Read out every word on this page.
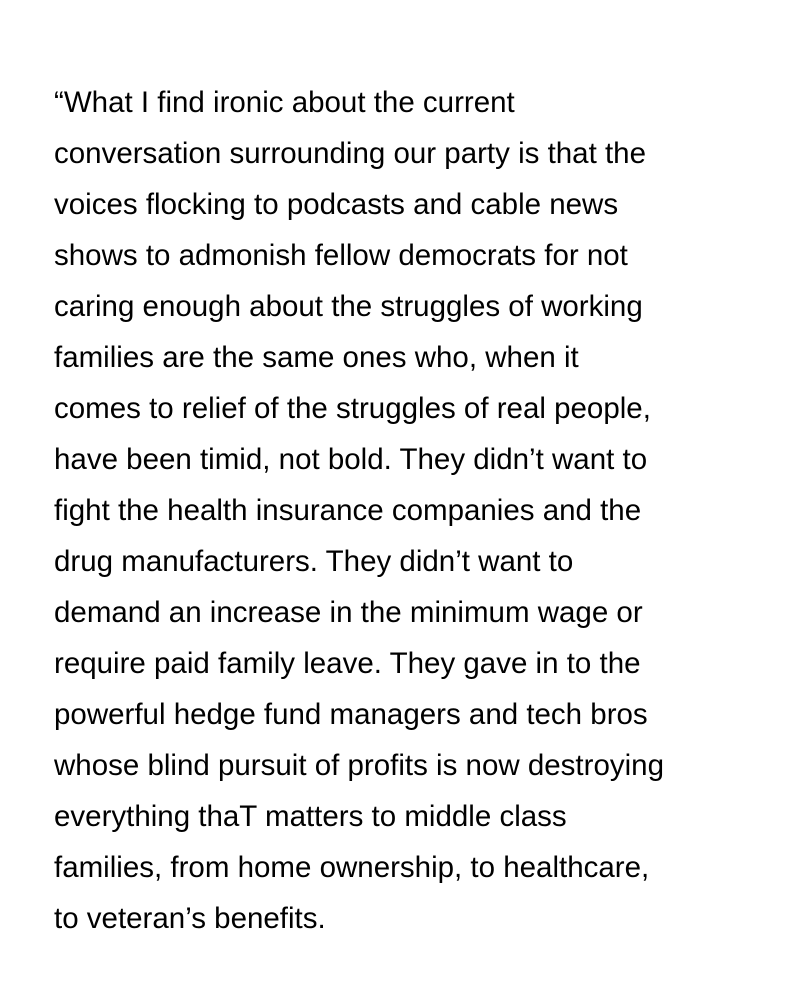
“What I find ironic about the current
conversation surrounding our party is that the
voices flocking to podcasts and cable news
shows to admonish fellow democrats for not
caring enough about the struggles of working
families are the same ones who, when it
comes to relief of the struggles of real people,
have been timid, not bold. They didn’t want to
fight the health insurance companies and the
drug manufacturers. They didn’t want to
demand an increase in the minimum wage or
require paid family leave. They gave in to the
powerful hedge fund managers and tech bros
whose blind pursuit of profits is now destroying
everything thaT matters to middle class
families, from home ownership, to healthcare,
to veteran’s benefits.
